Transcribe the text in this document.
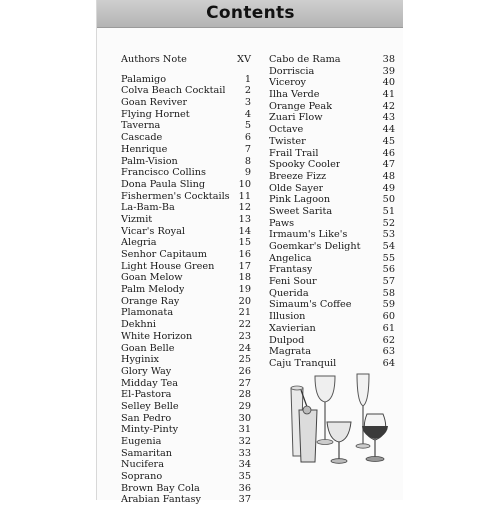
Contents
Authors Note	XV
Palamigo	1
Colva Beach Cocktail	2
Goan Reviver	3
Flying Hornet	4
Taverna	5
Cascade	6
Henrique	7
Palm-Vision	8
Francisco Collins	9
Dona Paula Sling	10
Fishermen's Cocktails 11
La-Bam-Ba	12
Vizmit	13
Vicar's Royal	14
Alegria	15
Senhor Capitaum	16
Light House Green	17
Goan Melow	18
Palm Melody	19
Orange Ray	20
Plamonata	21
Dekhni	22
White Horizon	23
Goan Belle	24
Hyginix	25
Glory Way	26
Midday Tea	27
El-Pastora	28
Selley Belle	29
San Pedro	30
Minty-Pinty	31
Eugenia	32
Samaritan	33
Nucifera	34
Soprano	35
Brown Bay Cola	36
Arabian Fantasy	37
Cabo de Rama	38
Dorriscia	39
Viceroy	40
Ilha Verde	41
Orange Peak	42
Zuari Flow	43
Octave	44
Twister	45
Frail Trail	46
Spooky Cooler	47
Breeze Fizz	48
Olde Sayer	49
Pink Lagoon	50
Sweet Sarita	51
Paws	52
Irmaum's Like's	53
Goemkar's Delight	54
Angelica	55
Frantasy	56
Feni Sour	57
Querida	58
Simaum's Coffee	59
Illusion	60
Xavierian	61
Dulpod	62
Magrata	63
Caju Tranquil	64
